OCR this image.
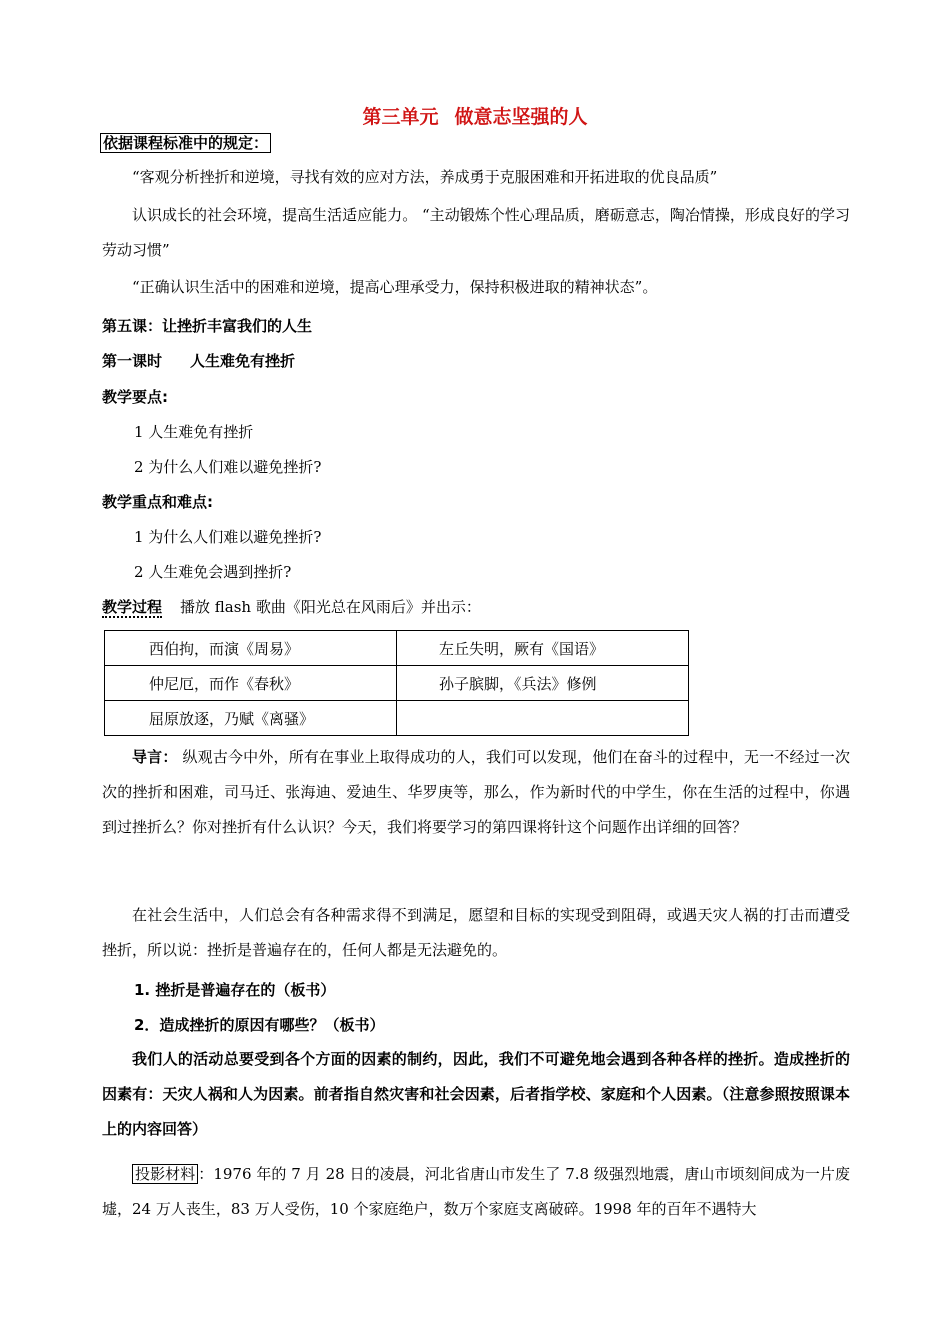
第三单元 做意志坚强的人
依据课程标准中的规定：
“客观分析挫折和逆境，寻找有效的应对方法，养成勇于克服困难和开拓进取的优良品质”
认识成长的社会环境，提高生活适应能力。 “主动锻炼个性心理品质，磨砺意志，陶冶情操，形成良好的学习劳动习惯”
“正确认识生活中的困难和逆境，提高心理承受力，保持积极进取的精神状态”。
第五课：让挫折丰富我们的人生
第一课时 人生难免有挫折
教学要点:
1 人生难免有挫折
2 为什么人们难以避免挫折?
教学重点和难点:
1 为什么人们难以避免挫折?
2 人生难免会遇到挫折?
教学过程 播放 flash 歌曲《阳光总在风雨后》并出示：
西伯拘，而演《周易》	左丘失明，厥有《国语》
仲尼厄，而作《春秋》	孙子膑脚，《兵法》修例
屈原放逐，乃赋《离骚》	
导言： 纵观古今中外，所有在事业上取得成功的人，我们可以发现，他们在奋斗的过程中，无一不经过一次次的挫折和困难，司马迁、张海迪、爱迪生、华罗庚等，那么，作为新时代的中学生，你在生活的过程中，你遇到过挫折么？你对挫折有什么认识？今天，我们将要学习的第四课将针这个问题作出详细的回答？
在社会生活中，人们总会有各种需求得不到满足，愿望和目标的实现受到阻碍，或遇天灾人祸的打击而遭受挫折，所以说：挫折是普遍存在的，任何人都是无法避免的。
1. 挫折是普遍存在的（板书）
2．造成挫折的原因有哪些？（板书）
我们人的活动总要受到各个方面的因素的制约，因此，我们不可避免地会遇到各种各样的挫折。造成挫折的因素有：天灾人祸和人为因素。前者指自然灾害和社会因素，后者指学校、家庭和个人因素。（注意参照按照课本上的内容回答）
投影材料 ：1976 年的 7 月 28 日的凌晨，河北省唐山市发生了 7.8 级强烈地震，唐山市顷刻间成为一片废墟，24 万人丧生，83 万人受伤，10 个家庭绝户，数万个家庭支离破碎。1998 年的百年不遇特大
